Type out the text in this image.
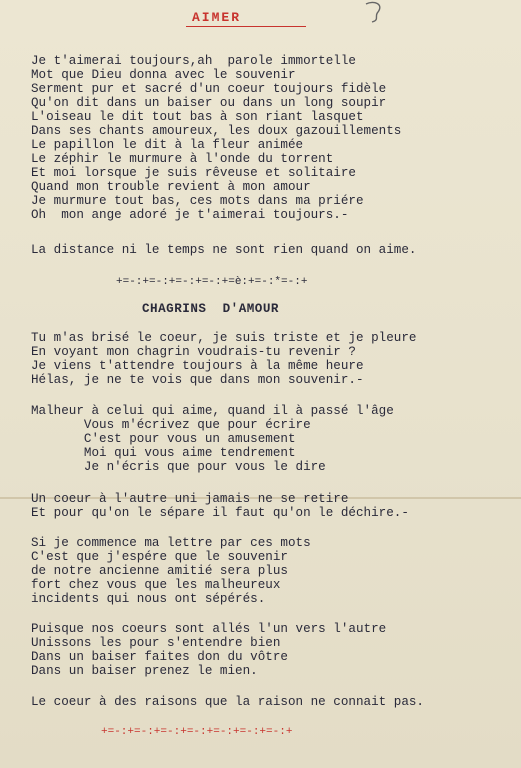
AIMER
Je t'aimerai toujours,ah  parole immortelle
Mot que Dieu donna avec le souvenir
Serment pur et sacré d'un coeur toujours fidèle
Qu'on dit dans un baiser ou dans un long soupir
L'oiseau le dit tout bas à son riant lasquet
Dans ses chants amoureux, les doux gazouillements
Le papillon le dit à la fleur animée
Le zéphir le murmure à l'onde du torrent
Et moi lorsque je suis rêveuse et solitaire
Quand mon trouble revient à mon amour
Je murmure tout bas, ces mots dans ma priére
Oh  mon ange adoré je t'aimerai toujours.-
La distance ni le temps ne sont rien quand on aime.
+=-:+=-:+=-:+=-:+=è:+=-:*=-:+
CHAGRINS  D'AMOUR
Tu m'as brisé le coeur, je suis triste et je pleure
En voyant mon chagrin voudrais-tu revenir ?
Je viens t'attendre toujours à la même heure
Hélas, je ne te vois que dans mon souvenir.-
Malheur à celui qui aime, quand il à passé l'âge
Vous m'écrivez que pour écrire
C'est pour vous un amusement
Moi qui vous aime tendrement
Je n'écris que pour vous le dire
Un coeur à l'autre uni jamais ne se retire
Et pour qu'on le sépare il faut qu'on le déchire.-
Si je commence ma lettre par ces mots
C'est que j'espére que le souvenir
de notre ancienne amitié sera plus
fort chez vous que les malheureux
incidents qui nous ont sépérés.
Puisque nos coeurs sont allés l'un vers l'autre
Unissons les pour s'entendre bien
Dans un baiser faites don du vôtre
Dans un baiser prenez le mien.
Le coeur à des raisons que la raison ne connait pas.
+=-:+=-:+=-:+=-:+=-:+=-:+=-:+
